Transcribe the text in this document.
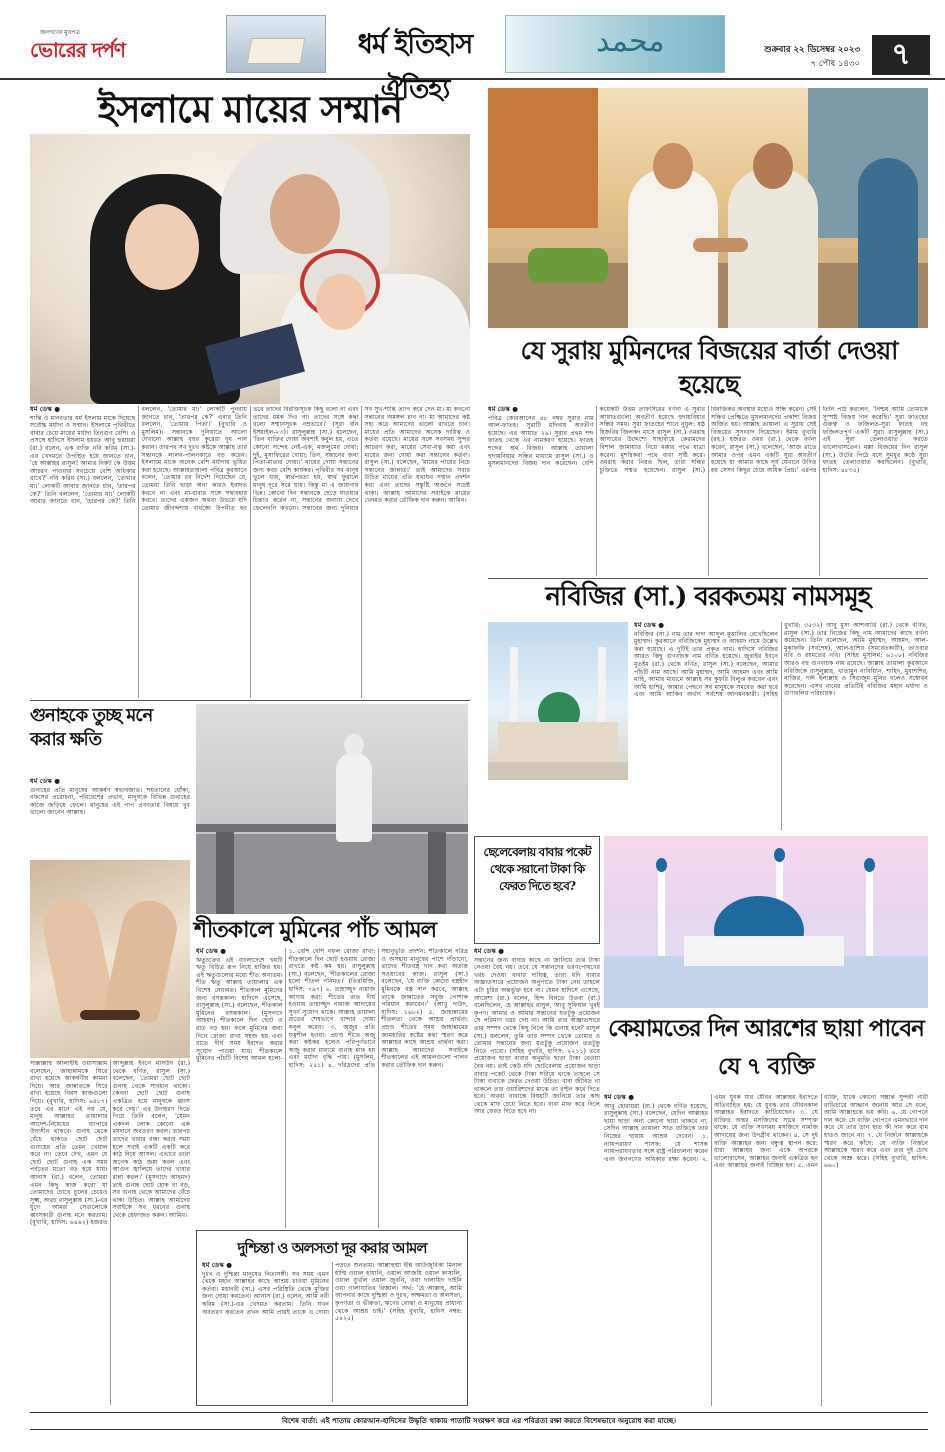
জনগণের মুখপত্র
ভোরের দর্পণ	ধর্ম ইতিহাস ঐতিহ্য
محمد	শুক্রবার ২২ ডিসেম্বর ২০২৩
৭ পৌষ ১৪৩০	৭
ইসলামে মায়ের সম্মান
ধর্ম ডেস্ক ●
শান্তি ও মানবতার ধর্ম ইসলাম মাকে দিয়েছে সর্বোচ্চ মর্যাদা ও সম্মান। ইসলামে পৃথিবীতে বাবার চেয়ে মায়ের মর্যাদা তিনগুণ বেশি। এ প্রসঙ্গে হাদিসে ইসলাম হযরত আবু হুরায়রা (রা.) বলেন, এক ব্যক্তি নবি করিম (সা.)-এর খেদমতে উপস্থিত হয়ে জানতে চান, 'হে আল্লাহর রাসুল! আমার নিকট কে উত্তম আচরণ পাওয়ার সবচেয়ে বেশি অধিকার রাখে?' নবি করিম (সা.) বললেন, 'তোমার মা।' লোকটি আবার জানতে চান, 'তারপর কে?' তিনি বললেন, 'তোমার মা।' লোকটি আবার জানতে চান, 'তারপর কে?' তিনি বললেন, 'তোমার মা।' লোকটি পুনরায় জানতে চান, 'তারপর কে?' এবার তিনি বললেন, 'তোমার পিতা।' (বুখারি ও মুসলিম)। সন্তানকে দুনিয়াতে আলো দেখানো আল্লাহ বহুর কুরেরা দুধ পান করান। তারপর সব দুঃখ কষ্টকে আল্লাহ তার সন্তানকে লালন-পালনকারে বড় করেন। ইসলামে মাকে অনেক বেশি মর্যাদায় ভূষিত করা হয়েছে। আল্লাহতায়ালা পবিত্র কুরআনে বলেন, 'তোমার রব নির্দেশ দিয়েছেন যে, তোমরা তিনি ছাড়া অন্য কারও ইবাদত করবে না এবং মা-বাবার সঙ্গে সদ্ব্যবহার করবে। তাদের একজন অথবা উভয়ে যদি তোমার জীবদ্দশায় বার্ধক্যে উপনীত হন তবে তাদের বিরক্তিসূচক কিছু বলো না এবং তাদের ধমক দিও না। তাদের সঙ্গে কথা বলো সম্মানসূচক নম্রভাবে।' (সূরা বনি ইসরাইল-২৩)। রাসুলুল্লাহ (সা.) বলেছেন, 'তিন ব্যক্তির দোয়া অবশ্যই কবুল হয়, এতে কোনো সন্দেহ নেই-এক, মজলুমের দোয়া; দুই, মুসাফিরের দোয়া; তিন, সন্তানের জন্য পিতা-মাতার দোয়া।' মায়ের দোয়া সন্তানের জন্য কবচ বেশি কার্যকর। পৃথিবীর সব মানুষ ভুলে যায়, স্বার্থপরতা হয়, স্বার্থ ফুরালে মানুষ দূরে সরে যায়। কিন্তু মা এ জায়গায় ভিন্ন। কোনো দিন সন্তানকে ছেড়ে যাওয়ার চিন্তাও করেন না, সন্তানের অন্যায় দেখে ফেলেননি কখনো। সন্তানের জন্য দুনিয়ার সব সুখ-শান্তি ত্যাগ করে দেন মা। মা কখনো সন্তানের অমঙ্গল চান না। মা আমাদের কষ্ট সহ্য করে আমাদের ভালো রাখতে চান। মায়ের প্রতি আমাদের অনেক দায়িত্ব ও কর্তব্য রয়েছে। মায়ের সঙ্গে সবসময় সুন্দর আচরণ করা, মায়ের সেবা-যত্ন করা এবং মায়ের জন্য দোয়া করা সন্তানের কর্তব্য। রাসুল (সা.) বলেছেন, 'মায়ের পায়ের নিচে সন্তানের জান্নাত।' তাই আমাদের সবার উচিত মায়ের প্রতি যথাযথ সম্মান প্রদর্শন করা এবং তাদের সন্তুষ্টি অর্জনে সচেষ্ট থাকা। আল্লাহ আমাদের সবাইকে মায়ের খেদমত করার তৌফিক দান করুন। আমিন।
যে সুরায় মুমিনদের বিজয়ের বার্তা দেওয়া হয়েছে
ধর্ম ডেস্ক ●
পবিত্র কোরআনের ৪৮ নম্বর সুরার নাম আল-ফাতহ। সুরাটি মদিনায় অবতীর্ণ হয়েছে। এর আয়াত ২৯। সুরার প্রথম শব্দ ফাতহ থেকে এর নামকরণ হয়েছে। ফাতহ শব্দের অর্থ বিজয়। আল্লাহ তায়ালা হুদায়বিয়ার সন্ধির মাধ্যমে রাসুল (সা.) ও মুসলমানদের বিজয় দান করেছেন। বেশি কয়েকটি উত্তম তাফসিরের বর্ণনা এ সুরার আয়াতগুলো অবতীর্ণ হয়েছে হুদায়বিয়ার সন্ধির সময়। সুরা ফাতহের শানে নুযুল: ষষ্ঠ হিজরির জিলকদ মাসে রাসুল (সা.) ওমরাহ আদায়ের উদ্দেশ্যে সাহাবায়ে কেরামদের বিশাল জামায়াত নিয়ে মক্কার পথে যাত্রা করেন। মুশরিকরা পথে বাধা সৃষ্টি করে। ওমরাহ করার নিয়ত ছিল, তারা সন্ধির চুক্তিতে সম্মত হয়েছেন। রাসুল (সা.) বিরক্তিকর অবস্থার মধ্যেও সন্ধি করেন। সেই সন্ধির প্রেক্ষিতে মুসলমানদের প্রকাশ্য বিজয় অর্জিত হয়। আল্লাহ তায়ালা এ সুরায় সেই বিজয়ের সুসংবাদ দিয়েছেন। ইমাম বুখারি (রহ.) হজরত ওমর (রা.) থেকে বর্ণনা করেন, রাসুল (সা.) বলেছেন, 'আজ রাতে আমার ওপর এমন একটি সুরা অবতীর্ণ হয়েছে যা আমার কাছে সূর্য যেখানে উদিত হয় সেসব কিছুর চেয়ে অধিক প্রিয়।' এরপর তিনি পাঠ করলেন, 'নিশ্চয় আমি তোমাকে সুস্পষ্ট বিজয় দান করেছি।' সুরা ফাতহের গুরুত্ব ও ফজিলত-সুরা ফাতহ বহু ফজিলতপূর্ণ একটি সুরা। রাসুলুল্লাহ (সা.) এই সুরা তেলাওয়াত করতে ভালোবাসতেন। মক্কা বিজয়ের দিন রাসুল (সা.) উটের পিঠে বসে সুমধুর কণ্ঠে সুরা ফাতহ তেলাওয়াত করছিলেন। (বুখারি, হাদিস: ৪৮৩৫)
নবিজির (সা.) বরকতময় নামসমূহ
ধর্ম ডেস্ক ●
নবিজির (সা.) নাম তার দাদা আব্দুল মুত্তালিব রেখেছিলেন মুহাম্মদ। কুরআনে নবিজিকে মুহাম্মদ ও আহমদ নামে উল্লেখ করা হয়েছে। এ দুটিই তার প্রকৃত নাম। হাদিসে নবিজির আরও কিছু গুণবাচক নাম বর্ণিত হয়েছে। জুবাইর ইবনে মুতইম (রা.) থেকে বর্ণিত, রাসুল (সা.) বলেছেন, আমার পাঁচটি নাম আছে। আমি মুহাম্মদ, আমি আহমদ এবং আমি মাহি, আমার মাধ্যমে আল্লাহ সব কুফরি বিলুপ্ত করবেন এবং আমি হাশির, আমার পেছনে সব মানুষকে সমবেত করা হবে এবং আমি আকিব অর্থাৎ সর্বশেষ আগমনকারী। (সহিহ বুখারি: ৩৫৩২) আবু মুসা আশআরি (রা.) থেকে বর্ণিত, রাসুল (সা.) তার নিজের কিছু নাম আমাদের কাছে বর্ণনা করেছেন। তিনি বলেছেন, আমি মুহাম্মদ, আহমদ, আল-মুকাফফি (সর্বশেষ), আল-হাশির (সমবেতকারী), তাওবার নবি ও রহমতের নবি। (সহিহ মুসলিম: ৬১০৮) নবিজির আরও বহু গুণবাচক নাম রয়েছে। আল্লাহ তায়ালা কুরআনে নবিজিকে রাসুলুল্লাহ, খাতামুন নাবিয়্যিন, শাহিদ, মুবাশশির, নাজির, দাঈ ইলাল্লাহ ও সিরাজুম মুনির বলেও সম্বোধন করেছেন। এসব নামের প্রতিটিই নবিজির মহান মর্যাদা ও গুণাবলির পরিচায়ক।
গুনাহকে তুচ্ছ মনে করার ক্ষতি
ধর্ম ডেস্ক ●
গুনাহের প্রতি মানুষের আকর্ষণ স্বভাবজাত। শয়তানের ধোঁকা, নফসের প্ররোচনা, পরিবেশের প্রভাব, মানুষকে বিভিন্ন গুনাহের কাজে জড়িয়ে ফেলে। মানুষের এই পাপ প্রবণতার বিষয়ে খুব ভালো জানেন আল্লাহ।
সাল্লাল্লাহু আলাইহি ওয়াসাল্লাম বলেছেন, জাহান্নামকে ঘিরে রাখা হয়েছে আকর্ষণীয় কামনা দিয়ে। আর জান্নাতকে ঘিরে রাখা হয়েছে নিরস কাজগুলো দিয়ে। (বুখারি, হাদিস: ৬৪৮৭) তবে এর মানে এই নয় যে, মানুষ আল্লাহর তায়ালার আদেশ-নিষেধের ব্যাপারে উদাসীন থাকবে। গুনাহ থেকে বেঁচে থাকতে ছোট ছোট গুনাহের প্রতি তেমন খেয়াল করে না। তেবে দেখ, এমন যে ছোট ছোট গুনাহ এক সময় পর্বতের মতো বড় হয়ে যায়। আনাস (রা.) বলেন, তোমরা এমন কিছু কাজ করো যা তোমাদের চোখে চুলের চেয়েও সূক্ষ্ম, অথচ রাসুলুল্লাহ (সা.)-এর যুগে আমরা সেগুলোকে ধ্বংসকারী গুনাহ মনে করতাম। (বুখারি, হাদিস: ৬৪৯২) হজরত আব্দুল্লাহ ইবনে মাসউদ (রা.) থেকে বর্ণিত, রাসুল (সা.) বলেছেন, 'তোমরা ছোট ছোট গুনাহ থেকে সাবধান থাকো। কেননা ছোট ছোট গুনাহ একত্রিত হয়ে মানুষকে ধ্বংস করে দেয়।' এর উদাহরণ দিতে গিয়ে তিনি বলেন, 'যেমন একদল লোক কোনো এক ময়দানে অবতরণ করল। তারপর তাদের খাবার রান্না করার সময় হলে সবাই একটি একটি করে কাঠ নিয়ে আসল। এভাবে তারা অনেক কাঠ জমা করল এবং আগুন জ্বালিয়ে তাদের খাবার রান্না করল।' (মুসনাদে আহমদ) তাই গুনাহ ছোট হোক বা বড়, সব গুনাহ থেকে আমাদের বেঁচে থাকা উচিত। আল্লাহ আমাদের সবাইকে সব ধরনের গুনাহ থেকে হেফাজত করুন। আমিন।
শীতকালে মুমিনের পাঁচ আমল
ধর্ম ডেস্ক ●
ঋতুচক্রের এই বাংলাদেশে ছয়টি ঋতু বিচিত্র রূপ নিয়ে হাজির হয়। এই ঋতুগুলোর মধ্যে শীত অন্যতম। শীত ঋতু আল্লাহ তায়ালার এক বিশেষ নেয়ামত। শীতকাল মুমিনের জন্য বসন্তকাল। হাদিসে এসেছে, রাসুলুল্লাহ (সা.) বলেছেন, শীতকাল মুমিনের বসন্তকাল। (মুসনাদে আহমদ) শীতকালে দিন ছোট ও রাত বড় হয়। ফলে মুমিনের জন্য দিনে রোজা রাখা সহজ হয় এবং রাতে দীর্ঘ সময় ইবাদত করার সুযোগ পাওয়া যায়। শীতকালে মুমিনের পাঁচটি বিশেষ আমল হলো- ১. বেশি বেশি নফল রোজা রাখা: শীতকালে দিন ছোট হওয়ায় রোজা রাখতে কষ্ট কম হয়। রাসুলুল্লাহ (সা.) বলেছেন, 'শীতকালের রোজা হলো শীতল গনিমত।' (তিরমিজি, হাদিস: ৭৯৭) ২. তাহাজ্জুদ নামাজ আদায় করা: শীতের রাত দীর্ঘ হওয়ায় তাহাজ্জুদ নামাজ আদায়ের সুবর্ণ সুযোগ থাকে। আল্লাহ তায়ালা রাতের শেষভাগে বান্দার দোয়া কবুল করেন। ৩. অজুর প্রতি যত্নশীল হওয়া: প্রচণ্ড শীতে অজু করা কষ্টকর হলেও পরিপূর্ণভাবে অজু করার মাধ্যমে গুনাহ মাফ হয় এবং মর্যাদা বৃদ্ধি পায়। (মুসলিম, হাদিস: ২৫১) ৪. দরিদ্রদের প্রতি সহানুভূতি প্রদর্শন: শীতকালে দরিদ্র ও অসহায় মানুষের পাশে দাঁড়ানো, তাদের শীতবস্ত্র দান করা অত্যন্ত সওয়াবের কাজ। রাসুল (সা.) বলেছেন, 'যে ব্যক্তি কোনো বস্ত্রহীন মুমিনকে বস্ত্র দান করবে, আল্লাহ তাকে জান্নাতের সবুজ পোশাক পরিধান করাবেন।' (আবু দাউদ, হাদিস: ১৬৮২) ৫. জাহান্নামের শীতলতা থেকে আশ্রয় প্রার্থনা: প্রচণ্ড শীতের সময় জাহান্নামের জামহারির কষ্টের কথা স্মরণ করে আল্লাহর কাছে আশ্রয় প্রার্থনা করা। আল্লাহ আমাদের সবাইকে শীতকালের এই আমলগুলো পালন করার তৌফিক দান করুন।
দুশ্চিন্তা ও অলসতা দূর করার আমল
ধর্ম ডেস্ক ●
দুঃখ ও দুশ্চিন্তা মানুষের নিত্যসঙ্গী। সব সময় এমন থেকে মহান আল্লাহর কাছে আশ্রয় চাওয়া মুমিনের কর্তব্য। মহানবী (সা.) এসব পরিস্থিতি থেকে মুক্তির জন্য দোয়া করতেন। আনাস (রা.) বলেন, আমি নবী করিম (সা.)-এর খেদমত করতাম। তিনি যখন অবতরণ করতেন তখন আমি প্রায়ই তাকে এ দোয়া পড়তে শুনতাম। আল্লাহুম্মা ইন্নি আউজুবিকা মিনাল হাম্মি ওয়াল হাযানি, ওয়াল আজযি ওয়াল কাসালি, ওয়াল বুখলি ওয়াল জুবনি, ওয়া দালায়িদ দাইনি ওয়া গালাবাতির রিজাল। অর্থ: 'হে আল্লাহ, আমি আপনার কাছে দুশ্চিন্তা ও দুঃখ, অক্ষমতা ও অলসতা, কৃপণতা ও ভীরুতা, ঋণের বোঝা ও মানুষের প্রাধান্য থেকে আশ্রয় চাই।' (সহিহ বুখারি, হাদিস নম্বর: ৫৪২৫)
ছেলেবেলায় বাবার পকেট থেকে সরানো টাকা কি ফেরত দিতে হবে?
ধর্ম ডেস্ক ●
সন্তানের জন্য বাবার কাছে না জানিয়ে তার টাকা নেওয়া বৈধ নয়। তবে যে সন্তানদের ভরণপোষণের খরচ দেওয়া বাবার দায়িত্ব, তারা যদি বাবার অজ্ঞাতসারে প্রয়োজন অনুপাতে টাকা নেয় তাহলে এটা চুরির অন্তর্ভুক্ত হবে না। যেমন হাদিসে এসেছে, আয়েশা (রা.) বলেন, হিন্দ বিনতে উতবা (রা.) বলেছিলেন, হে আল্লাহর রাসুল, আবু সুফিয়ান খুবই কৃপণ। আমার ও আমার সন্তানের যতটুকু প্রয়োজন সে পরিমাণ খরচ দেয় না। আমি তার অজ্ঞাতসারে তার সম্পদ থেকে কিছু নিলে কি গুনাহ হবে? রাসুল (সা.) বললেন, তুমি তার সম্পদ থেকে তোমার ও তোমার সন্তানের জন্য যতটুকু প্রয়োজন ততটুকু নিতে পারো। (সহিহ বুখারি, হাদিস: ২২১১) তবে প্রয়োজন ছাড়া বাবার অনুমতি ছাড়া টাকা নেওয়া বৈধ নয়। তাই কেউ যদি ছোটবেলায় প্রয়োজন ছাড়া বাবার পকেট থেকে টাকা সরিয়ে থাকে তাহলে সে টাকা বাবাকে ফেরত দেওয়া উচিত। বাবা জীবিত না থাকলে তার ওয়ারিশদের মাঝে তা বণ্টন করে দিতে হবে। অথবা বাবাকে বিষয়টি জানিয়ে তার কাছ থেকে মাফ চেয়ে নিতে হবে। বাবা মাফ করে দিলে আর ফেরত দিতে হবে না।
কেয়ামতের দিন আরশের ছায়া পাবেন যে ৭ ব্যক্তি
ধর্ম ডেস্ক ●
আবু হোরায়রা (রা.) থেকে বর্ণিত হয়েছে, রাসুলুল্লাহ (সা.) বলেছেন, যেদিন আল্লাহর ছায়া ছাড়া অন্য কোনো ছায়া থাকবে না, সেদিন আল্লাহ তায়ালা সাত ব্যক্তিকে তার নিজের ছায়ায় আশ্রয় দেবেন। ১. ন্যায়পরায়ণ শাসক: যে শাসক ন্যায়পরায়ণতার সঙ্গে রাষ্ট্র পরিচালনা করেন এবং জনগণের অধিকার রক্ষা করেন। ২. এমন যুবক যার যৌবন আল্লাহর ইবাদতে অতিবাহিত হয়: যে যুবক তার যৌবনকাল আল্লাহর ইবাদতে কাটিয়েছেন। ৩. যে ব্যক্তির অন্তর মসজিদের সাথে সম্পৃক্ত থাকে: যে ব্যক্তি সবসময় মসজিদে নামাজ আদায়ের জন্য উদগ্রীব থাকেন। ৪. সে দুই ব্যক্তি আল্লাহর জন্য বন্ধুত্ব স্থাপন করে: যারা আল্লাহর জন্য একে অপরকে ভালোবাসেন, আল্লাহর জন্যই একত্রিত হন এবং আল্লাহর জন্যই বিচ্ছিন্ন হন। ৫. এমন ব্যক্তি, যাকে কোনো সম্ভ্রান্ত সুন্দরী নারী ব্যভিচারে আহ্বান জানায় আর সে বলে, আমি আল্লাহকে ভয় করি। ৬. যে গোপনে দান করে: যে ব্যক্তি গোপনে এমনভাবে দান করে যে তার ডান হাত কী দান করে বাম হাতও জানে না। ৭. যে নির্জনে আল্লাহকে স্মরণ করে কাঁদে: যে ব্যক্তি নির্জনে আল্লাহকে স্মরণ করে এবং তার দুই চোখ থেকে অশ্রু ঝরে। (সহিহ বুখারি, হাদিস: ৬৬০)
বিশেষ বার্তা: এই পাতায় কোরআন-হাদিসের উদ্ধৃতি থাকায় পাতাটি সংরক্ষণ করে এর পবিত্রতা রক্ষা করতে বিশেষভাবে অনুরোধ করা যাচ্ছে।
